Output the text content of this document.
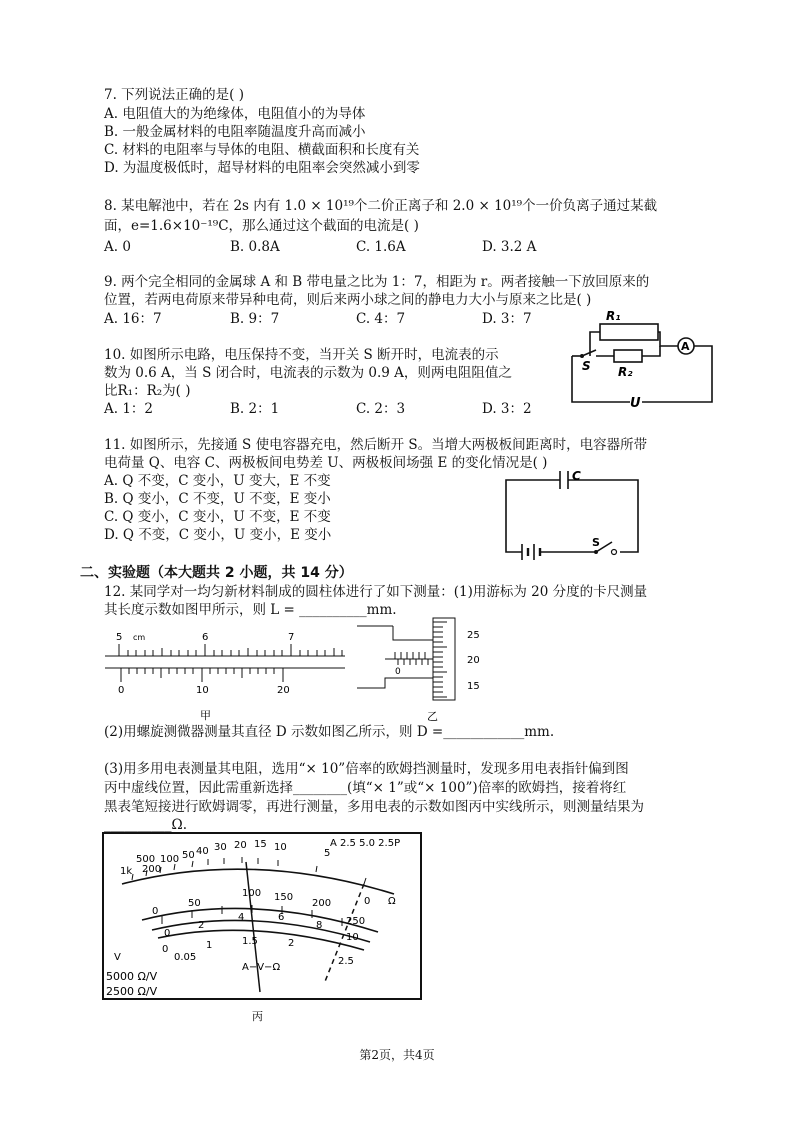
7. 下列说法正确的是( )
A. 电阻值大的为绝缘体，电阻值小的为导体
B. 一般金属材料的电阻率随温度升高而减小
C. 材料的电阻率与导体的电阻、横截面积和长度有关
D. 为温度极低时，超导材料的电阻率会突然减小到零
8. 某电解池中，若在 2s 内有 1.0 × 10¹⁹个二价正离子和 2.0 × 10¹⁹个一价负离子通过某截
面，e=1.6×10⁻¹⁹C，那么通过这个截面的电流是( )
A. 0	B. 0.8A	C. 1.6A	D. 3.2 A
9. 两个完全相同的金属球 A 和 B 带电量之比为 1：7，相距为 r。两者接触一下放回原来的
位置，若两电荷原来带异种电荷，则后来两小球之间的静电力大小与原来之比是( )
A. 16：7	B. 9：7	C. 4：7	D. 3：7
10. 如图所示电路，电压保持不变，当开关 S 断开时，电流表的示
数为 0.6 A，当 S 闭合时，电流表的示数为 0.9 A，则两电阻阻值之
比R₁：R₂为( )
A. 1：2	B. 2：1	C. 2：3	D. 3：2
R₁
R₂
S
A
U
11. 如图所示，先接通 S 使电容器充电，然后断开 S。当增大两极板间距离时，电容器所带
电荷量 Q、电容 C、两极板间电势差 U、两极板间场强 E 的变化情况是( )
A. Q 不变，C 变小，U 变大，E 不变
B. Q 变小，C 不变，U 不变，E 变小
C. Q 变小，C 变小，U 不变，E 不变
D. Q 不变，C 变小，U 变小，E 变小
C
S
二、实验题（本大题共 2 小题，共 14 分）
12. 某同学对一均匀新材料制成的圆柱体进行了如下测量：(1)用游标为 20 分度的卡尺测量
其长度示数如图甲所示，则 L = __________mm.
5 cm	6	7
0	10	20
甲
25
20
15
0
乙
(2)用螺旋测微器测量其直径 D 示数如图乙所示，则 D =____________mm.
(3)用多用电表测量其电阻，选用“× 10”倍率的欧姆挡测量时，发现多用电表指针偏到图
丙中虚线位置，因此需重新选择________(填“× 1”或“× 100”)倍率的欧姆挡，接着将红
黑表笔短接进行欧姆调零，再进行测量，多用电表的示数如图丙中实线所示，则测量结果为
__________Ω.
1k
500
200
100 50 40 30 20 15 10
5
0
A 2.5 5.0 2.5P
Ω
0
50
100 150
200
250
0
2
4	6
8
10
0
0.05
1	1.5	2
2.5
A−V−Ω
V
5000 Ω/V
2500 Ω/V
丙
第2页，共4页
